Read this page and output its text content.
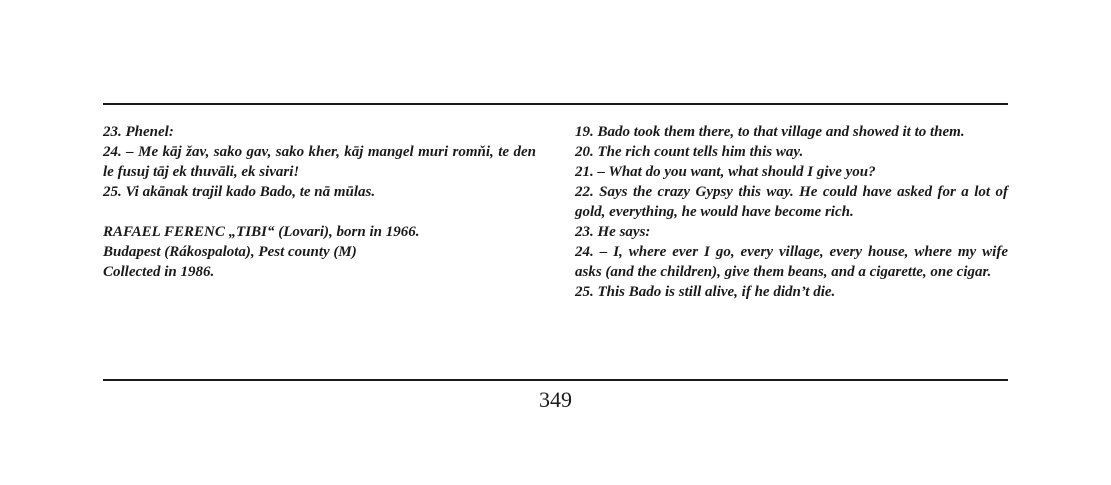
23. Phenel:

24. – Me kāj žav, sako gav, sako kher, kāj mangel muri romňi, te den le fusuj tāj ek thuvāli, ek sivari!

25. Vi akānak trajil kado Bado, te nā mūlas.

RAFAEL FERENC „TIBI“ (Lovari), born in 1966.

Budapest (Rákospalota), Pest county (M)

Collected in 1986.

19. Bado took them there, to that village and showed it to them.

20. The rich count tells him this way.

21. – What do you want, what should I give you?

22. Says the crazy Gypsy this way. He could have asked for a lot of gold, everything, he would have become rich.

23. He says:

24. – I, where ever I go, every village, every house, where my wife asks (and the children), give them beans, and a cigarette, one cigar.

25. This Bado is still alive, if he didn’t die.

349
